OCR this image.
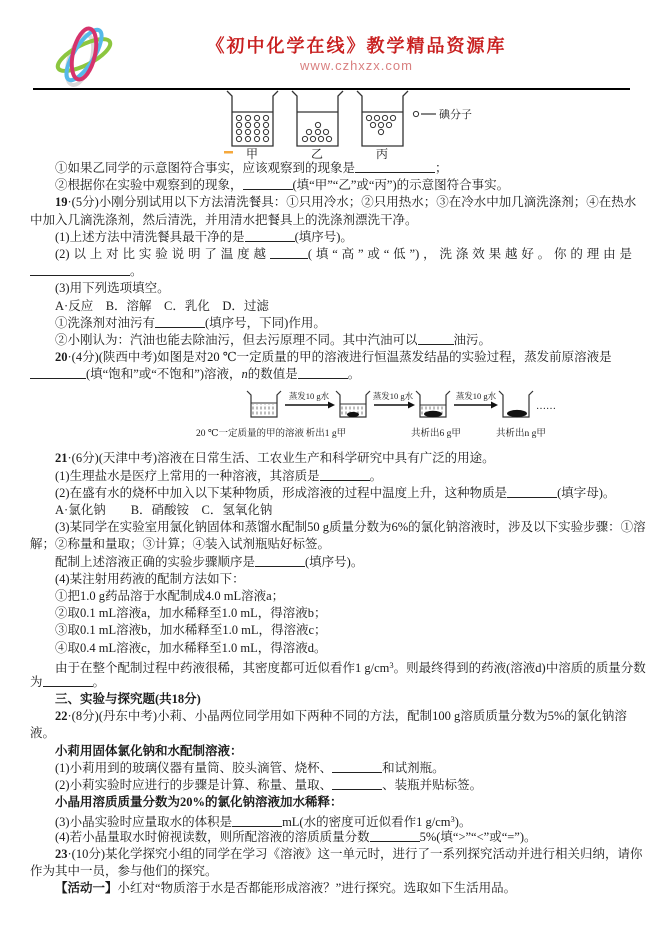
《初中化学在线》教学精品资源库
www.czhxzx.com
甲	乙	丙
碘分子
①如果乙同学的示意图符合事实，应该观察到的现象是	；
②根据你在实验中观察到的现象，	(填“甲”“乙”或“丙”)的示意图符合事实。
19·(5分)小刚分别试用以下方法清洗餐具：①只用冷水；②只用热水；③在冷水中加几滴洗涤剂；④在热水
中加入几滴洗涤剂，然后清洗，并用清水把餐具上的洗涤剂漂洗干净。
(1)上述方法中清洗餐具最干净的是	(填序号)。
(2)以上对比实验说明了温度越	(填“高”或“低”)，洗涤效果越好。你的理由是
。
(3)用下列选项填空。
A·反应　B．溶解　C．乳化　D．过滤
①洗涤剂对油污有	(填序号，下同)作用。
②小刚认为：汽油也能去除油污，但去污原理不同。其中汽油可以	油污。
20·(4分)(陕西中考)如图是对20 ℃一定质量的甲的溶液进行恒温蒸发结晶的实验过程，蒸发前原溶液是
(填“饱和”或“不饱和”)溶液，n的数值是	。
蒸发10 g水	蒸发10 g水	蒸发10 g水
……
20 ℃一定质量的甲的溶液 析出1 g甲	共析出6 g甲	共析出n g甲
21·(6分)(天津中考)溶液在日常生活、工农业生产和科学研究中具有广泛的用途。
(1)生理盐水是医疗上常用的一种溶液，其溶质是	。
(2)在盛有水的烧杯中加入以下某种物质，形成溶液的过程中温度上升，这种物质是	(填字母)。
A·氯化钠　　B．硝酸铵　C．氢氧化钠
(3)某同学在实验室用氯化钠固体和蒸馏水配制50 g质量分数为6%的氯化钠溶液时，涉及以下实验步骤：①溶
解；②称量和量取；③计算；④装入试剂瓶贴好标签。
配制上述溶液正确的实验步骤顺序是	(填序号)。
(4)某注射用药液的配制方法如下：
①把1.0 g药品溶于水配制成4.0 mL溶液a；
②取0.1 mL溶液a，加水稀释至1.0 mL，得溶液b；
③取0.1 mL溶液b，加水稀释至1.0 mL，得溶液c；
④取0.4 mL溶液c，加水稀释至1.0 mL，得溶液d。
由于在整个配制过程中药液很稀，其密度都可近似看作1 $g/cm^3$。则最终得到的药液(溶液d)中溶质的质量分数
为	。
三、实验与探究题(共18分)
22·(8分)(丹东中考)小莉、小晶两位同学用如下两种不同的方法，配制100 g溶质质量分数为5%的氯化钠溶
液。
小莉用固体氯化钠和水配制溶液：
(1)小莉用到的玻璃仪器有量筒、胶头滴管、烧杯、	和试剂瓶。
(2)小莉实验时应进行的步骤是计算、称量、量取、	、装瓶并贴标签。
小晶用溶质质量分数为20%的氯化钠溶液加水稀释：
(3)小晶实验时应量取水的体积是	mL(水的密度可近似看作1 $g/cm^3$)。
(4)若小晶量取水时俯视读数，则所配溶液的溶质质量分数	5%(填“>”“<”或“=”)。
23·(10分)某化学探究小组的同学在学习《溶液》这一单元时，进行了一系列探究活动并进行相关归纳，请你
作为其中一员，参与他们的探究。
【活动一】小红对“物质溶于水是否都能形成溶液？”进行探究。选取如下生活用品。
